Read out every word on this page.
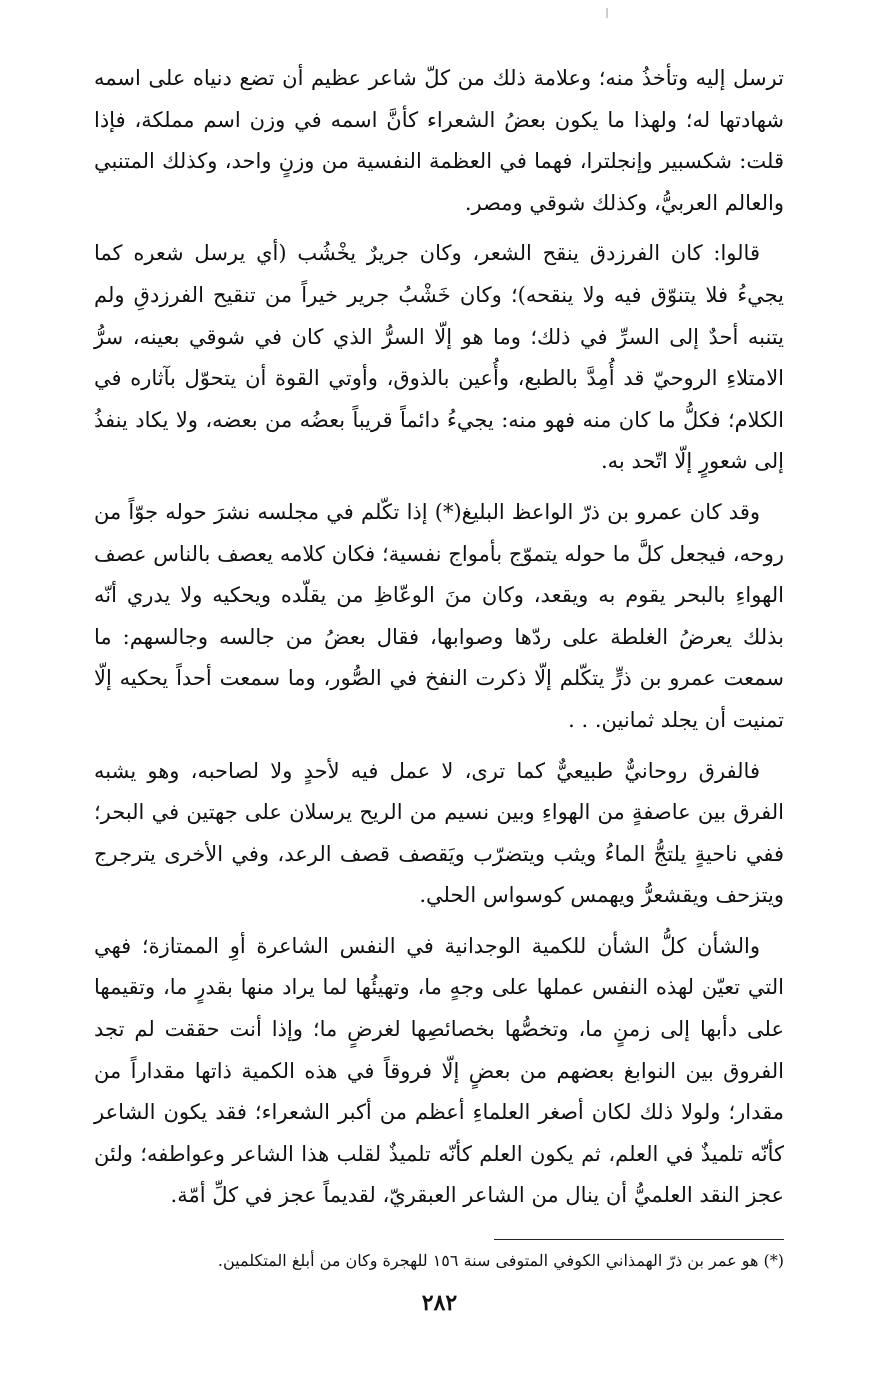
ترسل إليه وتأخذُ منه؛ وعلامة ذلك من كلّ شاعر عظيم أن تضع دنياه على اسمه شهادتها له؛ ولهذا ما يكون بعضُ الشعراء كأنَّ اسمه في وزن اسم مملكة، فإذا قلت: شكسبير وإنجلترا، فهما في العظمة النفسية من وزنٍ واحد، وكذلك المتنبي والعالم العربيُّ، وكذلك شوقي ومصر.

قالوا: كان الفرزدق ينقح الشعر، وكان جريرٌ يخْشُب (أي يرسل شعره كما يجيءُ فلا يتنوّق فيه ولا ينقحه)؛ وكان خَشْبُ جرير خيراً من تنقيح الفرزدقِ ولم يتنبه أحدٌ إلى السرِّ في ذلك؛ وما هو إلّا السرُّ الذي كان في شوقي بعينه، سرُّ الامتلاءِ الروحيّ قد أُمِدَّ بالطبع، وأُعين بالذوق، وأوتي القوة أن يتحوّل بآثاره في الكلام؛ فكلُّ ما كان منه فهو منه: يجيءُ دائماً قريباً بعضُه من بعضه، ولا يكاد ينفذُ إلى شعورٍ إلّا اتّحد به.

وقد كان عمرو بن ذرّ الواعظ البليغ(*) إذا تكّلم في مجلسه نشرَ حوله جوّاً من روحه، فيجعل كلَّ ما حوله يتموّج بأمواج نفسية؛ فكان كلامه يعصف بالناس عصف الهواءِ بالبحر يقوم به ويقعد، وكان منَ الوعّاظِ من يقلّده ويحكيه ولا يدري أنّه بذلك يعرضُ الغلطة على ردّها وصوابها، فقال بعضُ من جالسه وجالسهم: ما سمعت عمرو بن ذرٍّ يتكّلم إلّا ذكرت النفخ في الصُّور، وما سمعت أحداً يحكيه إلّا تمنيت أن يجلد ثمانين. . .

فالفرق روحانيٌّ طبيعيٌّ كما ترى، لا عمل فيه لأحدٍ ولا لصاحبه، وهو يشبه الفرق بين عاصفةٍ من الهواءِ وبين نسيم من الريح يرسلان على جهتين في البحر؛ ففي ناحيةٍ يلتجُّ الماءُ ويثب ويتضرّب ويَقصف قصف الرعد، وفي الأخرى يترجرج ويتزحف ويقشعرُّ ويهمس كوسواس الحلي.

والشأن كلُّ الشأن للكمية الوجدانية في النفس الشاعرة أوِ الممتازة؛ فهي التي تعيّن لهذه النفس عملها على وجهٍ ما، وتهيئُها لما يراد منها بقدرٍ ما، وتقيمها على دأبها إلى زمنٍ ما، وتخصُّها بخصائصِها لغرضٍ ما؛ وإذا أنت حققت لم تجد الفروق بين النوابغ بعضهم من بعضٍ إلّا فروقاً في هذه الكمية ذاتها مقداراً من مقدار؛ ولولا ذلك لكان أصغر العلماءِ أعظم من أكبر الشعراء؛ فقد يكون الشاعر كأنّه تلميذٌ في العلم، ثم يكون العلم كأنّه تلميذٌ لقلب هذا الشاعر وعواطفه؛ ولئن عجز النقد العلميُّ أن ينال من الشاعر العبقريّ، لقديماً عجز في كلِّ أمّة.

(*) هو عمر بن ذرّ الهمذاني الكوفي المتوفى سنة ١٥٦ للهجرة وكان من أبلغ المتكلمين.

٢٨٢
